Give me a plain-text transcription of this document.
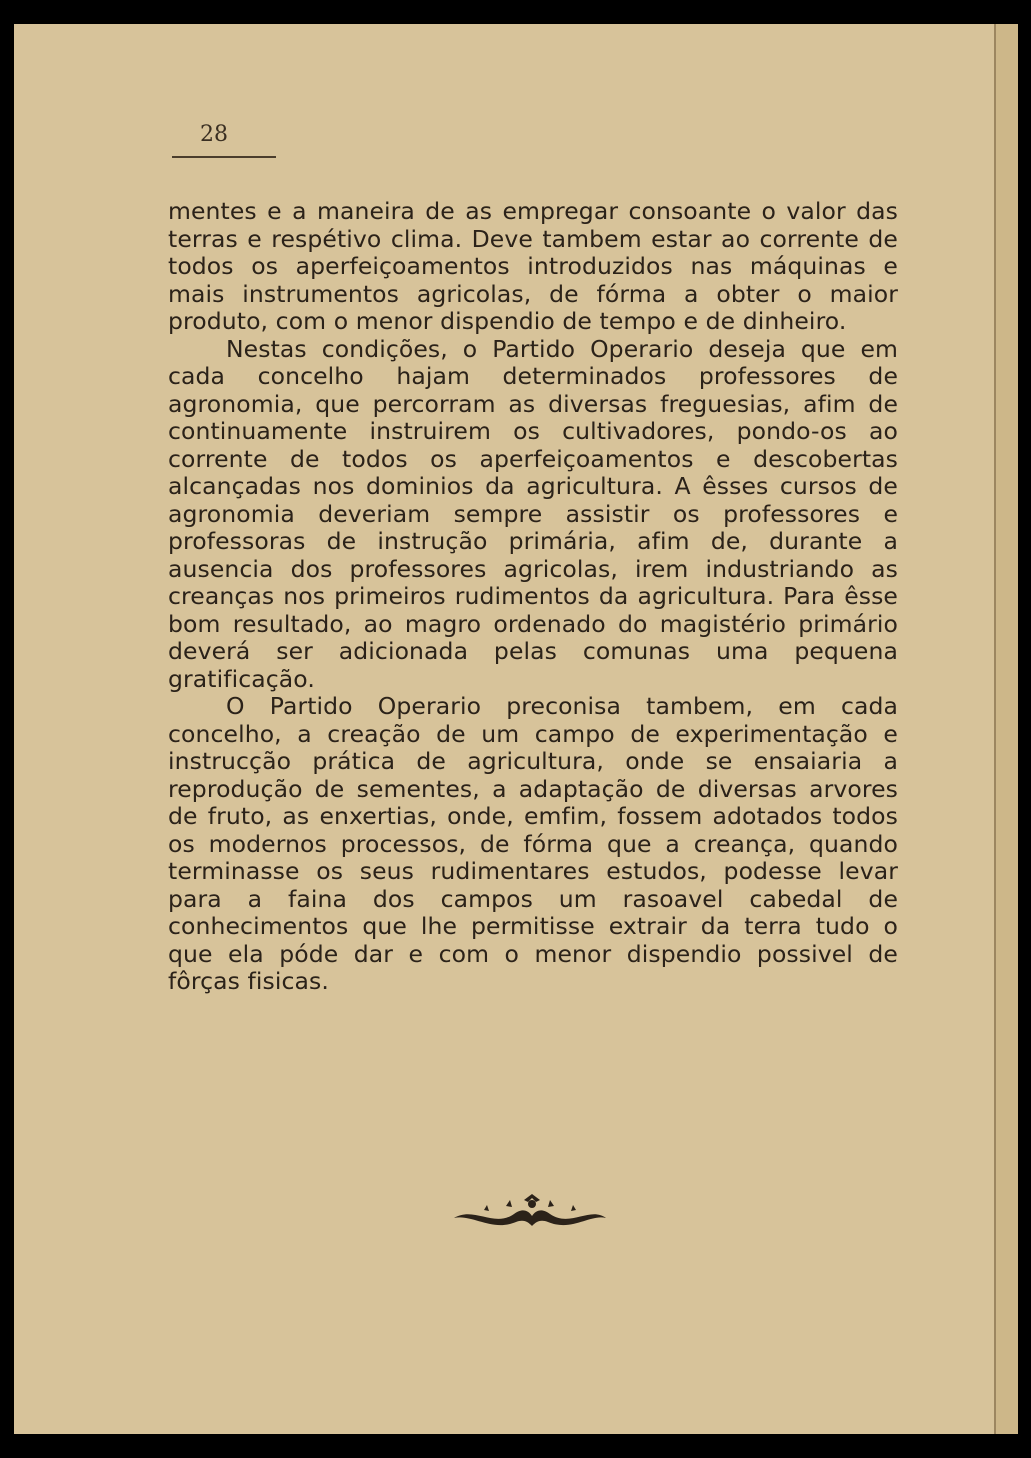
28

mentes e a maneira de as empregar consoante o valor das terras e respétivo clima. Deve tambem estar ao corrente de todos os aperfeiçoamentos introduzidos nas máquinas e mais instrumentos agricolas, de fórma a obter o maior produto, com o menor dispendio de tempo e de dinheiro.

Nestas condições, o Partido Operario deseja que em cada concelho hajam determinados professores de agronomia, que percorram as diversas freguesias, afim de continuamente instruirem os cultivadores, pondo-os ao corrente de todos os aperfeiçoamentos e descobertas alcançadas nos dominios da agricultura. A êsses cursos de agronomia deveriam sempre assistir os professores e professoras de instrução primária, afim de, durante a ausencia dos professores agricolas, irem industriando as creanças nos primeiros rudimentos da agricultura. Para êsse bom resultado, ao magro ordenado do magistério primário deverá ser adicionada pelas comunas uma pequena gratificação.

O Partido Operario preconisa tambem, em cada concelho, a creação de um campo de experimentação e instrucção prática de agricultura, onde se ensaiaria a reprodução de sementes, a adaptação de diversas arvores de fruto, as enxertias, onde, emfim, fossem adotados todos os modernos processos, de fórma que a creança, quando terminasse os seus rudimentares estudos, podesse levar para a faina dos campos um rasoavel cabedal de conhecimentos que lhe permitisse extrair da terra tudo o que ela póde dar e com o menor dispendio possivel de fôrças fisicas.
